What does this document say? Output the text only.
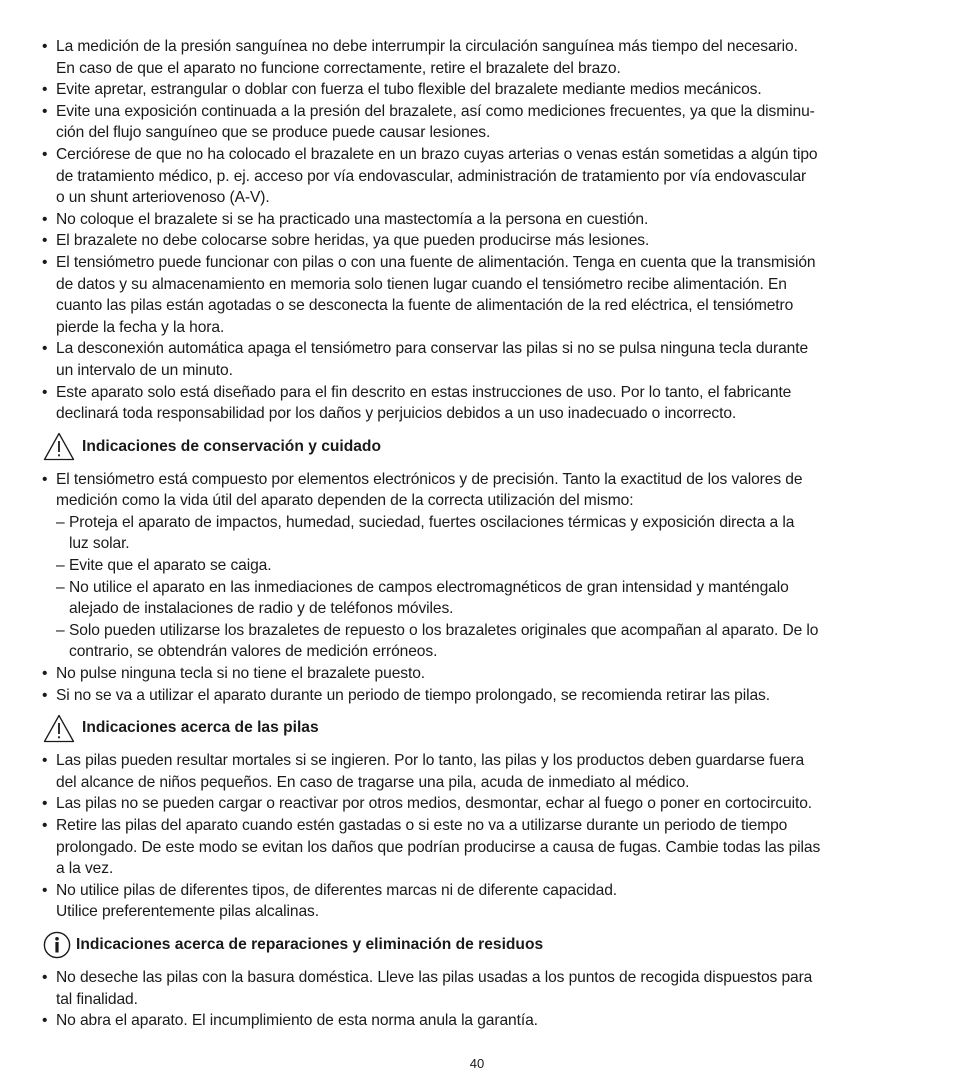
• La medición de la presión sanguínea no debe interrumpir la circulación sanguínea más tiempo del necesario.
En caso de que el aparato no funcione correctamente, retire el brazalete del brazo.
• Evite apretar, estrangular o doblar con fuerza el tubo flexible del brazalete mediante medios mecánicos.
• Evite una exposición continuada a la presión del brazalete, así como mediciones frecuentes, ya que la disminu-
ción del flujo sanguíneo que se produce puede causar lesiones.
• Cerciórese de que no ha colocado el brazalete en un brazo cuyas arterias o venas están sometidas a algún tipo
de tratamiento médico, p. ej. acceso por vía endovascular, administración de tratamiento por vía endovascular
o un shunt arteriovenoso (A-V).
• No coloque el brazalete si se ha practicado una mastectomía a la persona en cuestión.
• El brazalete no debe colocarse sobre heridas, ya que pueden producirse más lesiones.
• El tensiómetro puede funcionar con pilas o con una fuente de alimentación. Tenga en cuenta que la transmisión
de datos y su almacenamiento en memoria solo tienen lugar cuando el tensiómetro recibe alimentación. En
cuanto las pilas están agotadas o se desconecta la fuente de alimentación de la red eléctrica, el tensiómetro
pierde la fecha y la hora.
• La desconexión automática apaga el tensiómetro para conservar las pilas si no se pulsa ninguna tecla durante
un intervalo de un minuto.
• Este aparato solo está diseñado para el fin descrito en estas instrucciones de uso. Por lo tanto, el fabricante
declinará toda responsabilidad por los daños y perjuicios debidos a un uso inadecuado o incorrecto.
Indicaciones de conservación y cuidado
• El tensiómetro está compuesto por elementos electrónicos y de precisión. Tanto la exactitud de los valores de
medición como la vida útil del aparato dependen de la correcta utilización del mismo:
– Proteja el aparato de impactos, humedad, suciedad, fuertes oscilaciones térmicas y exposición directa a la
luz solar.
– Evite que el aparato se caiga.
– No utilice el aparato en las inmediaciones de campos electromagnéticos de gran intensidad y manténgalo
alejado de instalaciones de radio y de teléfonos móviles.
– Solo pueden utilizarse los brazaletes de repuesto o los brazaletes originales que acompañan al aparato. De lo
contrario, se obtendrán valores de medición erróneos.
• No pulse ninguna tecla si no tiene el brazalete puesto.
• Si no se va a utilizar el aparato durante un periodo de tiempo prolongado, se recomienda retirar las pilas.
Indicaciones acerca de las pilas
• Las pilas pueden resultar mortales si se ingieren. Por lo tanto, las pilas y los productos deben guardarse fuera
del alcance de niños pequeños. En caso de tragarse una pila, acuda de inmediato al médico.
• Las pilas no se pueden cargar o reactivar por otros medios, desmontar, echar al fuego o poner en cortocircuito.
• Retire las pilas del aparato cuando estén gastadas o si este no va a utilizarse durante un periodo de tiempo
prolongado. De este modo se evitan los daños que podrían producirse a causa de fugas. Cambie todas las pilas
a la vez.
• No utilice pilas de diferentes tipos, de diferentes marcas ni de diferente capacidad.
Utilice preferentemente pilas alcalinas.
Indicaciones acerca de reparaciones y eliminación de residuos
• No deseche las pilas con la basura doméstica. Lleve las pilas usadas a los puntos de recogida dispuestos para
tal finalidad.
• No abra el aparato. El incumplimiento de esta norma anula la garantía.
40
